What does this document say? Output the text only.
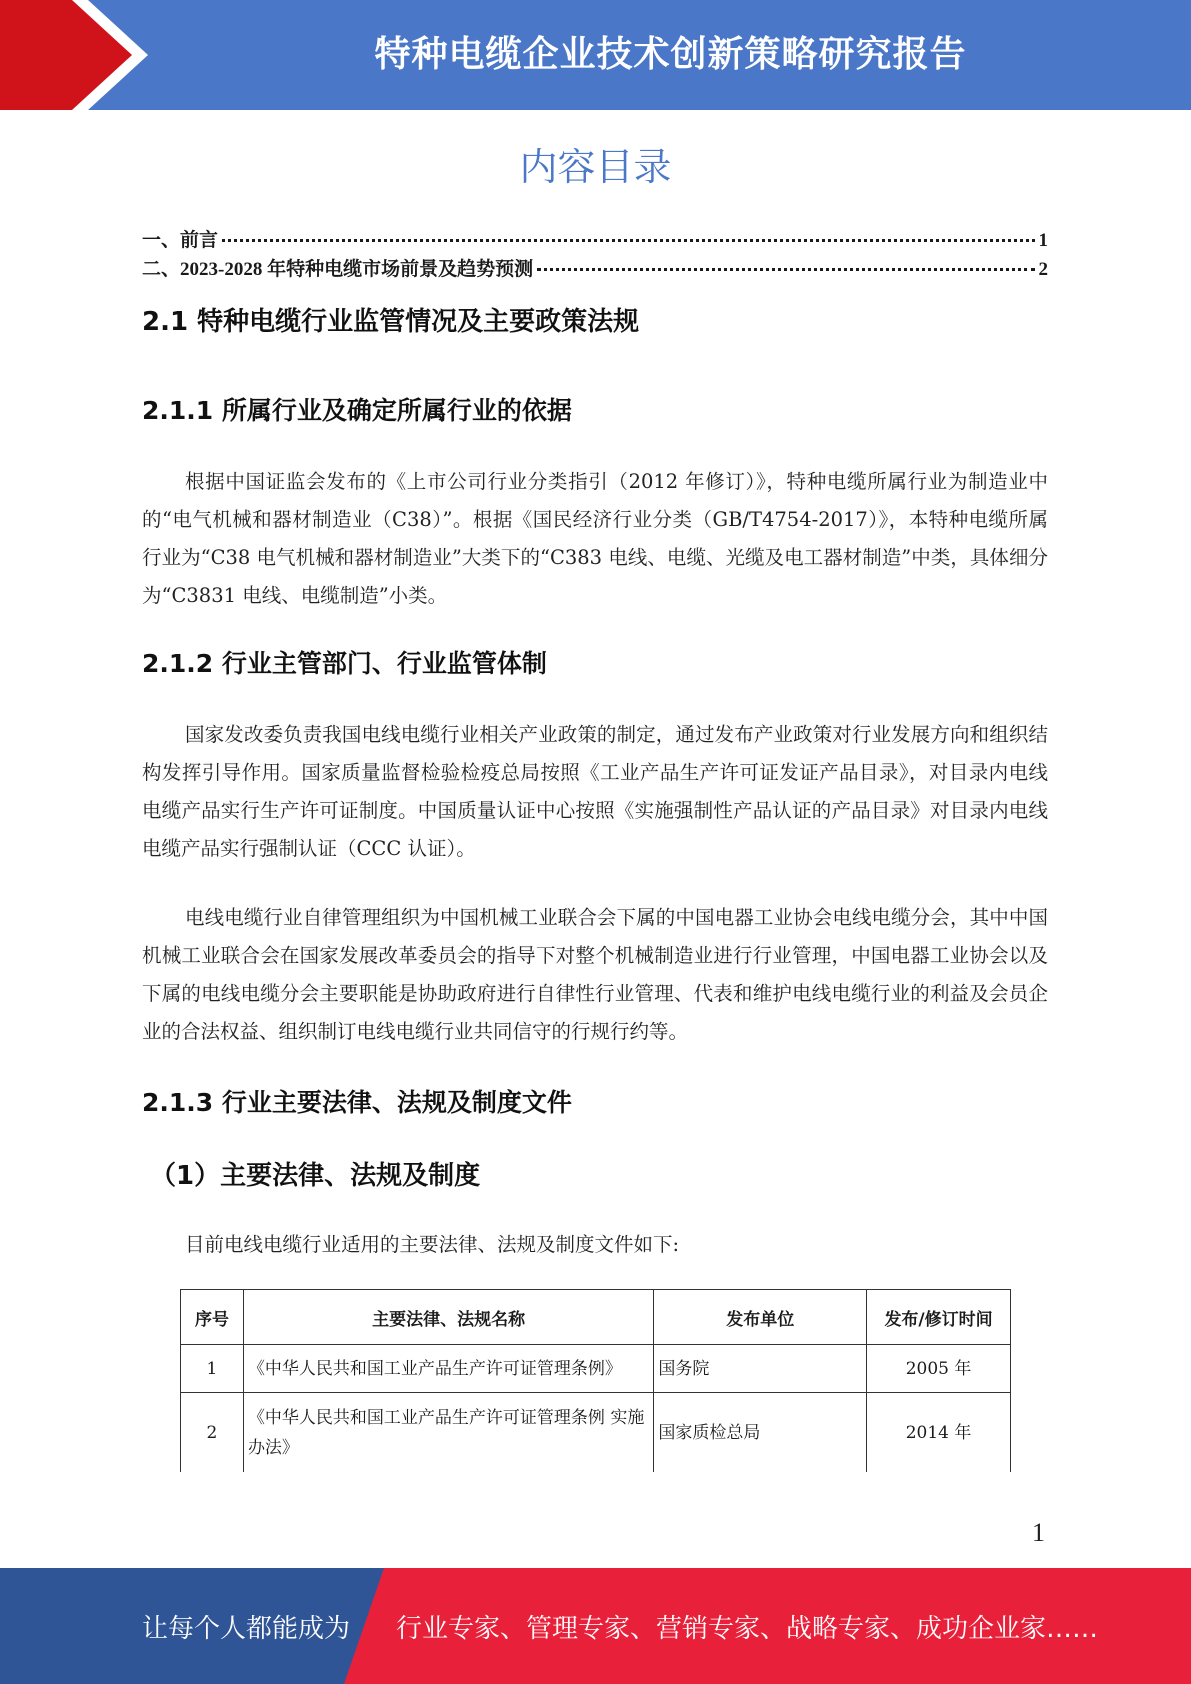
特种电缆企业技术创新策略研究报告
内容目录
一、前言	1
二、2023-2028 年特种电缆市场前景及趋势预测	2
2.1 特种电缆行业监管情况及主要政策法规
2.1.1 所属行业及确定所属行业的依据
根据中国证监会发布的《上市公司行业分类指引（2012 年修订）》，特种电缆所属行业为制造业中的“电气机械和器材制造业（C38）”。根据《国民经济行业分类（GB/T4754-2017）》，本特种电缆所属行业为“C38 电气机械和器材制造业”大类下的“C383 电线、电缆、光缆及电工器材制造”中类，具体细分为“C3831 电线、电缆制造”小类。
2.1.2 行业主管部门、行业监管体制
国家发改委负责我国电线电缆行业相关产业政策的制定，通过发布产业政策对行业发展方向和组织结构发挥引导作用。国家质量监督检验检疫总局按照《工业产品生产许可证发证产品目录》，对目录内电线电缆产品实行生产许可证制度。中国质量认证中心按照《实施强制性产品认证的产品目录》对目录内电线电缆产品实行强制认证（CCC 认证）。
电线电缆行业自律管理组织为中国机械工业联合会下属的中国电器工业协会电线电缆分会，其中中国机械工业联合会在国家发展改革委员会的指导下对整个机械制造业进行行业管理，中国电器工业协会以及下属的电线电缆分会主要职能是协助政府进行自律性行业管理、代表和维护电线电缆行业的利益及会员企业的合法权益、组织制订电线电缆行业共同信守的行规行约等。
2.1.3 行业主要法律、法规及制度文件
（1）主要法律、法规及制度
目前电线电缆行业适用的主要法律、法规及制度文件如下:
序号	主要法律、法规名称	发布单位	发布/修订时间
1	《中华人民共和国工业产品生产许可证管理条例》	国务院	2005 年
2	《中华人民共和国工业产品生产许可证管理条例 实施办法》	国家质检总局	2014 年
1
让每个人都能成为 行业专家、管理专家、营销专家、战略专家、成功企业家……
